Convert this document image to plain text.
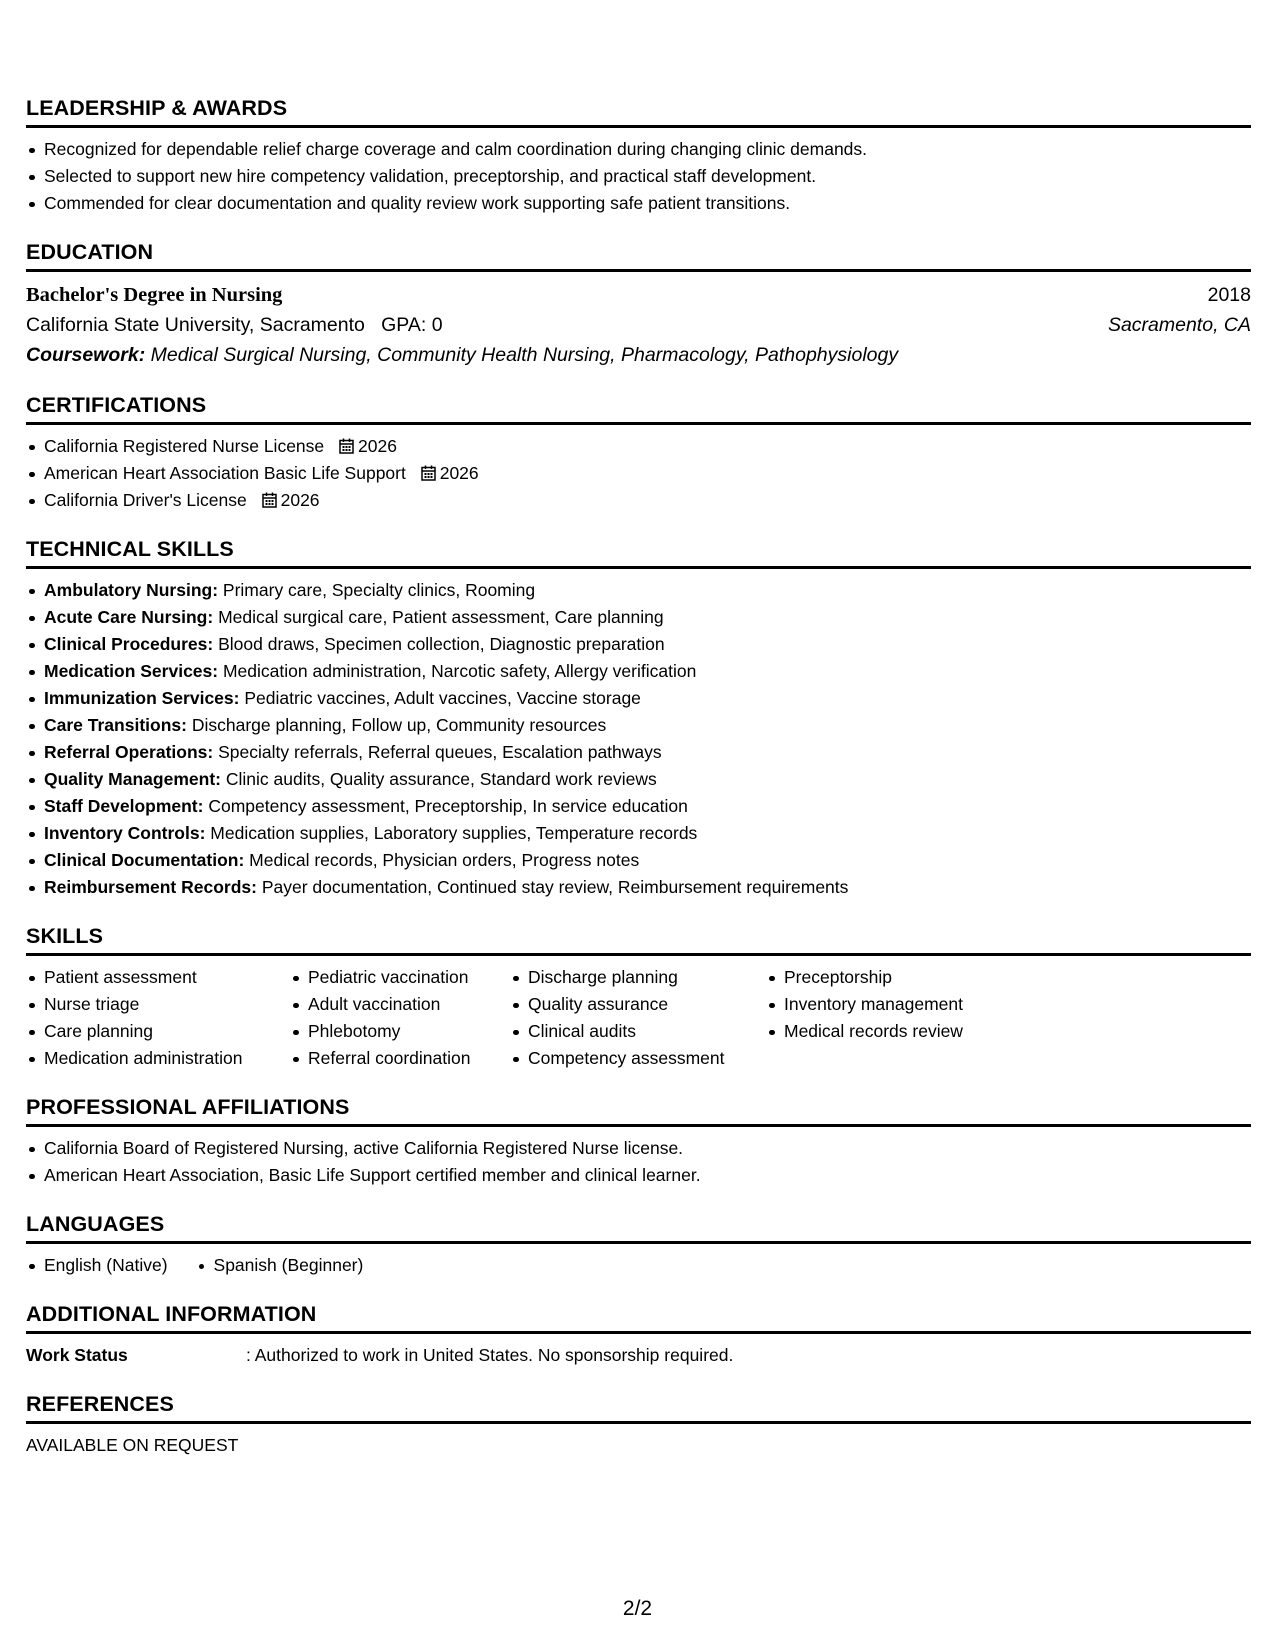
LEADERSHIP & AWARDS
Recognized for dependable relief charge coverage and calm coordination during changing clinic demands.
Selected to support new hire competency validation, preceptorship, and practical staff development.
Commended for clear documentation and quality review work supporting safe patient transitions.
EDUCATION
Bachelor's Degree in Nursing	2018
California State University, Sacramento GPA: 0	Sacramento, CA
Coursework: Medical Surgical Nursing, Community Health Nursing, Pharmacology, Pathophysiology
CERTIFICATIONS
California Registered Nurse License 2026
American Heart Association Basic Life Support 2026
California Driver's License 2026
TECHNICAL SKILLS
Ambulatory Nursing: Primary care, Specialty clinics, Rooming
Acute Care Nursing: Medical surgical care, Patient assessment, Care planning
Clinical Procedures: Blood draws, Specimen collection, Diagnostic preparation
Medication Services: Medication administration, Narcotic safety, Allergy verification
Immunization Services: Pediatric vaccines, Adult vaccines, Vaccine storage
Care Transitions: Discharge planning, Follow up, Community resources
Referral Operations: Specialty referrals, Referral queues, Escalation pathways
Quality Management: Clinic audits, Quality assurance, Standard work reviews
Staff Development: Competency assessment, Preceptorship, In service education
Inventory Controls: Medication supplies, Laboratory supplies, Temperature records
Clinical Documentation: Medical records, Physician orders, Progress notes
Reimbursement Records: Payer documentation, Continued stay review, Reimbursement requirements
SKILLS
Patient assessment
Nurse triage
Care planning
Medication administration
Pediatric vaccination
Adult vaccination
Phlebotomy
Referral coordination
Discharge planning
Quality assurance
Clinical audits
Competency assessment
Preceptorship
Inventory management
Medical records review
PROFESSIONAL AFFILIATIONS
California Board of Registered Nursing, active California Registered Nurse license.
American Heart Association, Basic Life Support certified member and clinical learner.
LANGUAGES
English (Native)	Spanish (Beginner)
ADDITIONAL INFORMATION
Work Status	: Authorized to work in United States. No sponsorship required.
REFERENCES
AVAILABLE ON REQUEST
2/2
